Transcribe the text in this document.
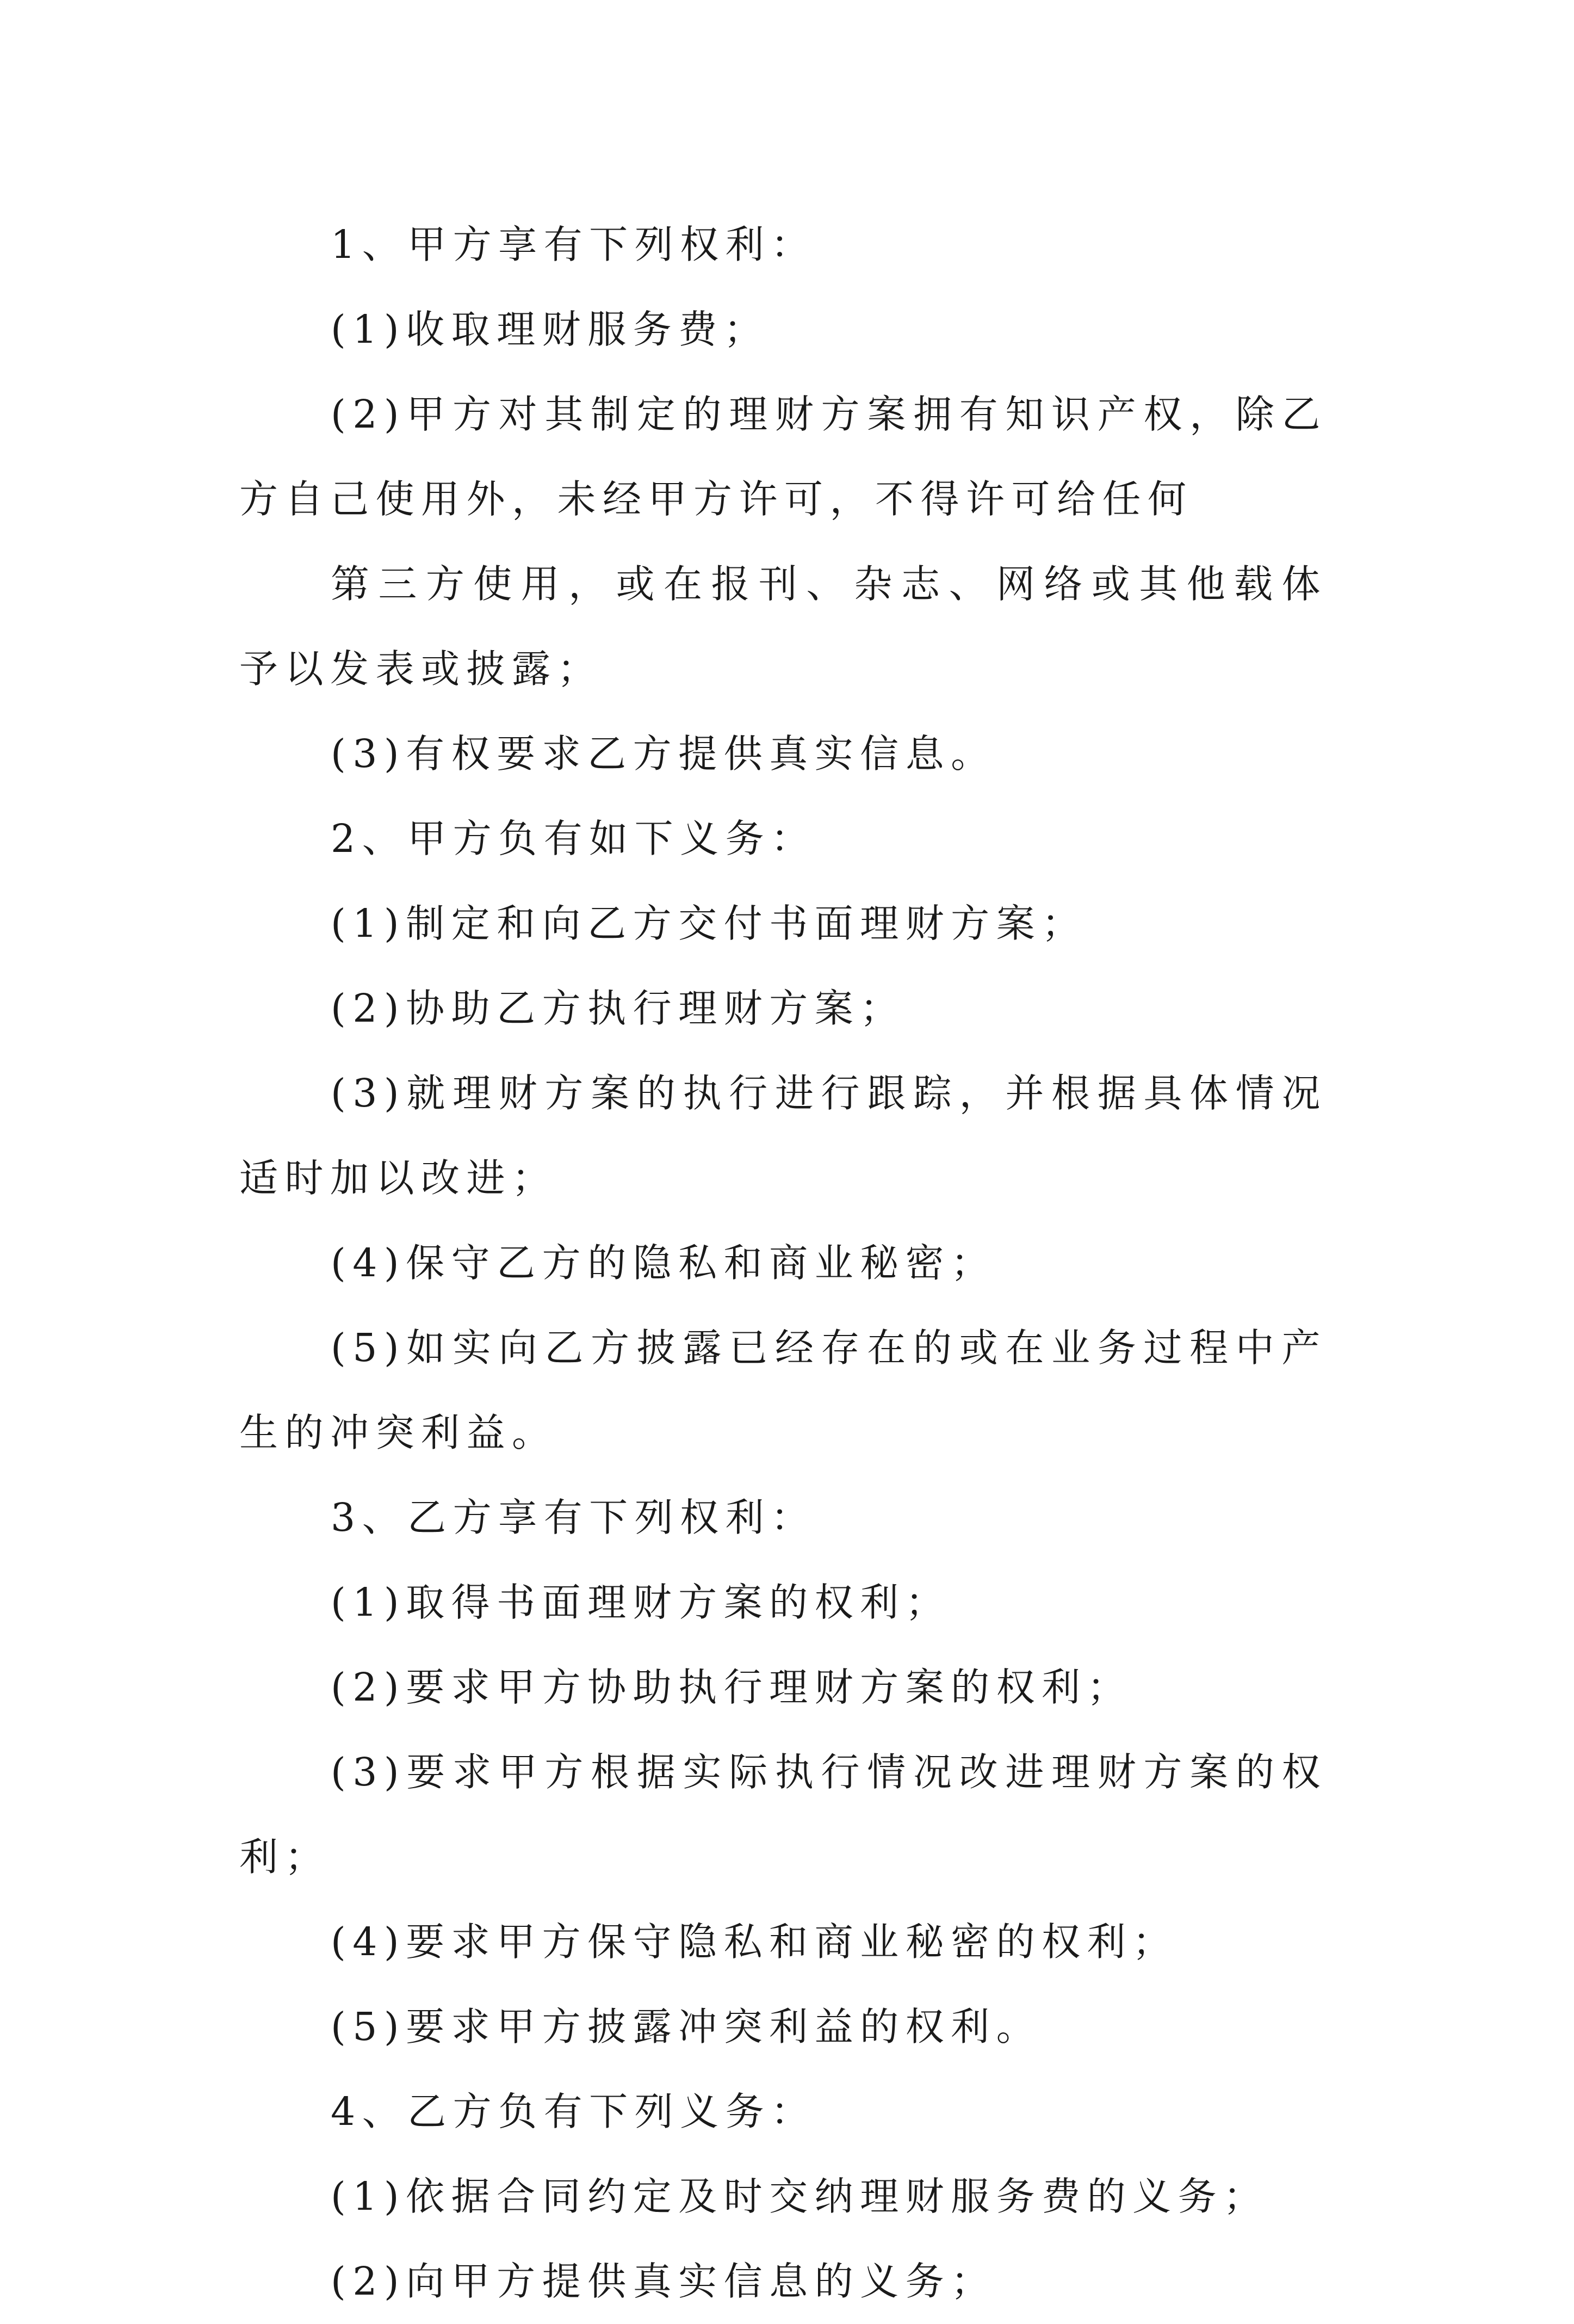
1、甲方享有下列权利：

(1)收取理财服务费；

(2)甲方对其制定的理财方案拥有知识产权，除乙方自己使用外，未经甲方许可，不得许可给任何

第三方使用，或在报刊、杂志、网络或其他载体予以发表或披露；

(3)有权要求乙方提供真实信息。

2、甲方负有如下义务：

(1)制定和向乙方交付书面理财方案；

(2)协助乙方执行理财方案；

(3)就理财方案的执行进行跟踪，并根据具体情况适时加以改进；

(4)保守乙方的隐私和商业秘密；

(5)如实向乙方披露已经存在的或在业务过程中产生的冲突利益。

3、乙方享有下列权利：

(1)取得书面理财方案的权利；

(2)要求甲方协助执行理财方案的权利；

(3)要求甲方根据实际执行情况改进理财方案的权利；

(4)要求甲方保守隐私和商业秘密的权利；

(5)要求甲方披露冲突利益的权利。

4、乙方负有下列义务：

(1)依据合同约定及时交纳理财服务费的义务；

(2)向甲方提供真实信息的义务；
